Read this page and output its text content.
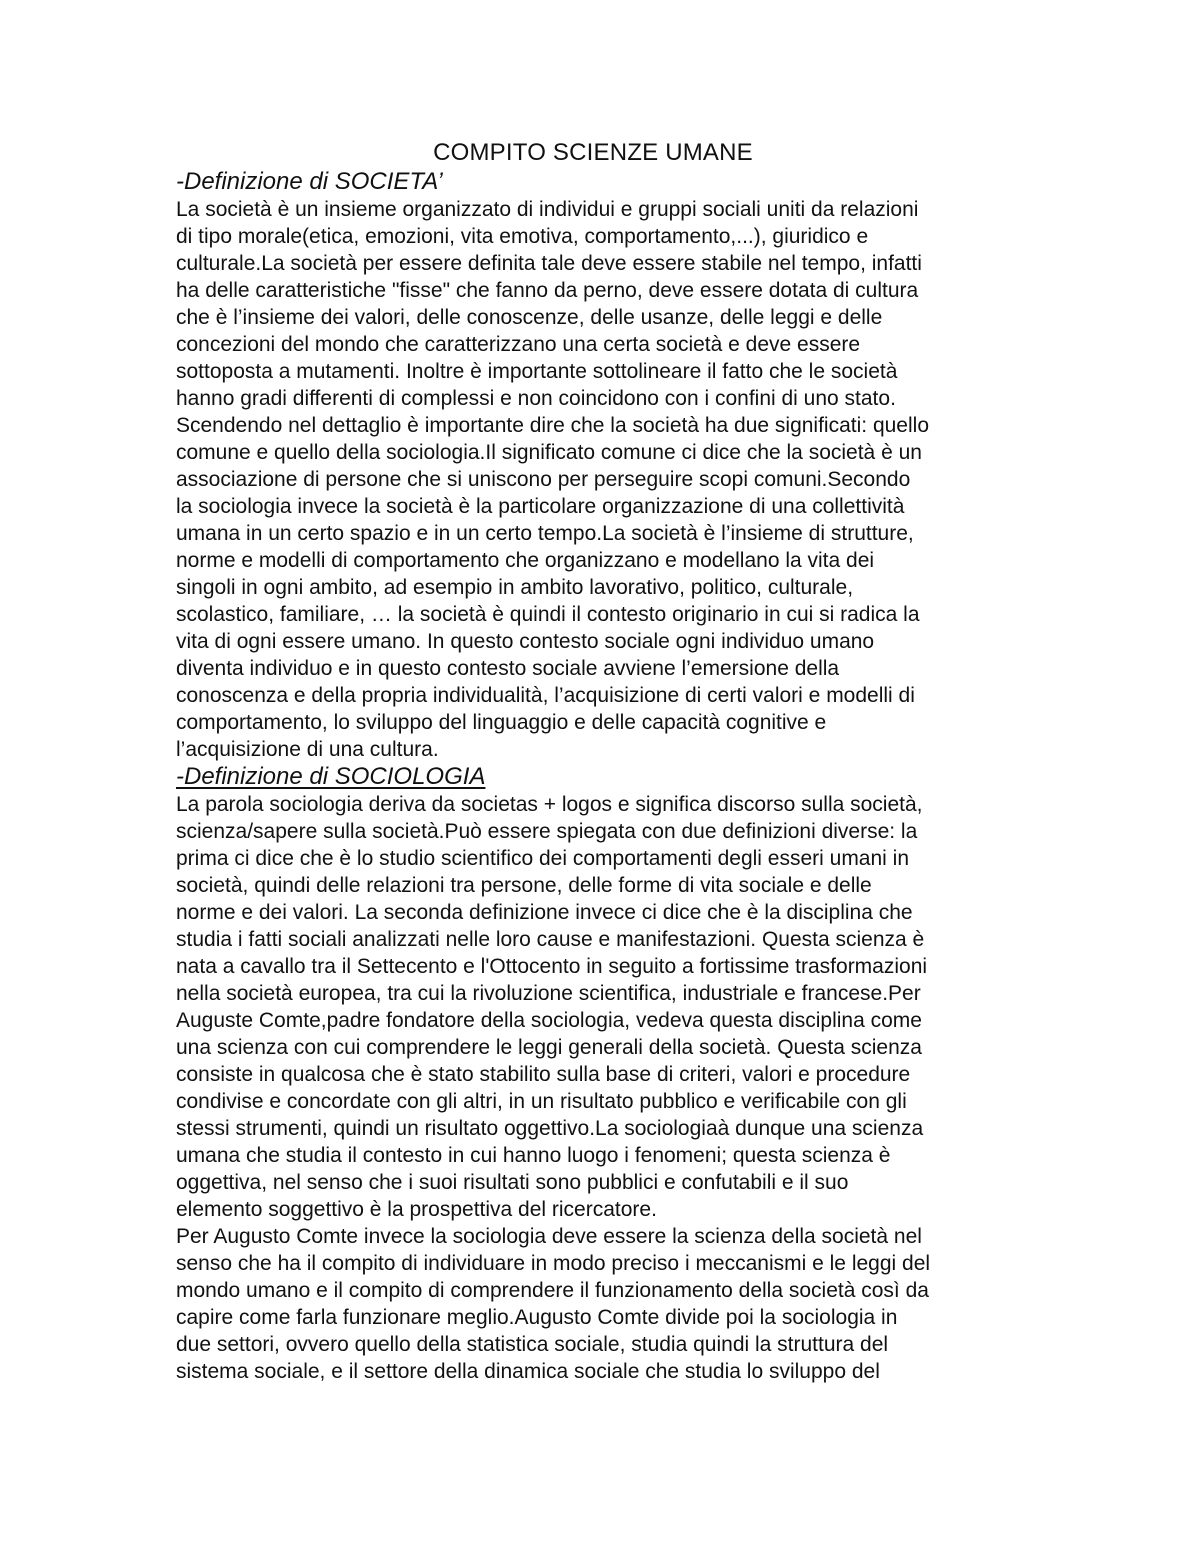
COMPITO SCIENZE UMANE
-Definizione di SOCIETA’

La società è un insieme organizzato di individui e gruppi sociali uniti da relazioni
di tipo morale(etica, emozioni, vita emotiva, comportamento,...), giuridico e
culturale.La società per essere definita tale deve essere stabile nel tempo, infatti
ha delle caratteristiche "fisse" che fanno da perno, deve essere dotata di cultura
che è l’insieme dei valori, delle conoscenze, delle usanze, delle leggi e delle
concezioni del mondo che caratterizzano una certa società e deve essere
sottoposta a mutamenti. Inoltre è importante sottolineare il fatto che le società
hanno gradi differenti di complessi e non coincidono con i confini di uno stato.
Scendendo nel dettaglio è importante dire che la società ha due significati: quello
comune e quello della sociologia.Il significato comune ci dice che la società è un
associazione di persone che si uniscono per perseguire scopi comuni.Secondo
la sociologia invece la società è la particolare organizzazione di una collettività
umana in un certo spazio e in un certo tempo.La società è l’insieme di strutture,
norme e modelli di comportamento che organizzano e modellano la vita dei
singoli in ogni ambito, ad esempio in ambito lavorativo, politico, culturale,
scolastico, familiare, … la società è quindi il contesto originario in cui si radica la
vita di ogni essere umano. In questo contesto sociale ogni individuo umano
diventa individuo e in questo contesto sociale avviene l’emersione della
conoscenza e della propria individualità, l’acquisizione di certi valori e modelli di
comportamento, lo sviluppo del linguaggio e delle capacità cognitive e
l’acquisizione di una cultura.

-Definizione di SOCIOLOGIA

La parola sociologia deriva da societas + logos e significa discorso sulla società,
scienza/sapere sulla società.Può essere spiegata con due definizioni diverse: la
prima ci dice che è lo studio scientifico dei comportamenti degli esseri umani in
società, quindi delle relazioni tra persone, delle forme di vita sociale e delle
norme e dei valori. La seconda definizione invece ci dice che è la disciplina che
studia i fatti sociali analizzati nelle loro cause e manifestazioni. Questa scienza è
nata a cavallo tra il Settecento e l'Ottocento in seguito a fortissime trasformazioni
nella società europea, tra cui la rivoluzione scientifica, industriale e francese.Per
Auguste Comte,padre fondatore della sociologia, vedeva questa disciplina come
una scienza con cui comprendere le leggi generali della società. Questa scienza
consiste in qualcosa che è stato stabilito sulla base di criteri, valori e procedure
condivise e concordate con gli altri, in un risultato pubblico e verificabile con gli
stessi strumenti, quindi un risultato oggettivo.La sociologiaà dunque una scienza
umana che studia il contesto in cui hanno luogo i fenomeni; questa scienza è
oggettiva, nel senso che i suoi risultati sono pubblici e confutabili e il suo
elemento soggettivo è la prospettiva del ricercatore.

Per Augusto Comte invece la sociologia deve essere la scienza della società nel
senso che ha il compito di individuare in modo preciso i meccanismi e le leggi del
mondo umano e il compito di comprendere il funzionamento della società così da
capire come farla funzionare meglio.Augusto Comte divide poi la sociologia in
due settori, ovvero quello della statistica sociale, studia quindi la struttura del
sistema sociale, e il settore della dinamica sociale che studia lo sviluppo del
